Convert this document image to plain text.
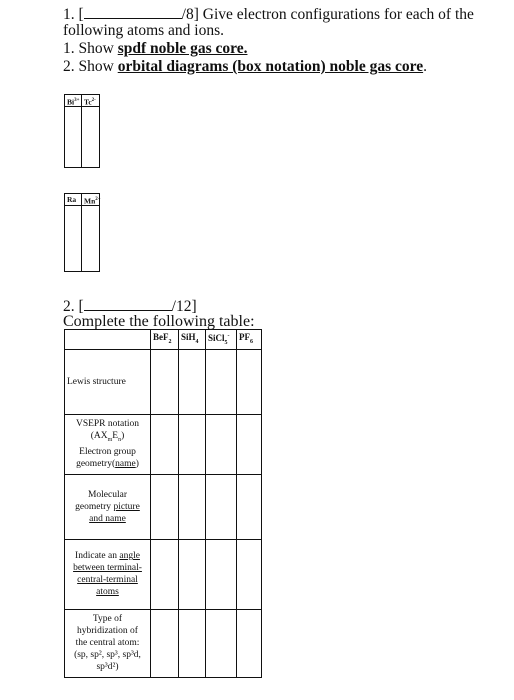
1. [	/8] Give electron configurations for each of the
following atoms and ions.
1. Show spdf noble gas core.
2. Show orbital diagrams (box notation) noble gas core.
$Bi^{3+}$ $Tc^{2-}$
Ra	$Mn^{2+}$
2. [	/12]
Complete the following table:
	BeF$_2$	SiH$_4$	SiCl$_5$-	$PF_6$

Lewis structure				

VSEPR notation
$(AX_mE_n)$
Electron group
geometry(name)				

Molecular
geometry picture
and name				

Indicate an angle
between terminal-
central-terminal
atoms				

Type of
hybridization of
the central atom:
(sp, sp², sp³, sp³d,
sp³d²)				
